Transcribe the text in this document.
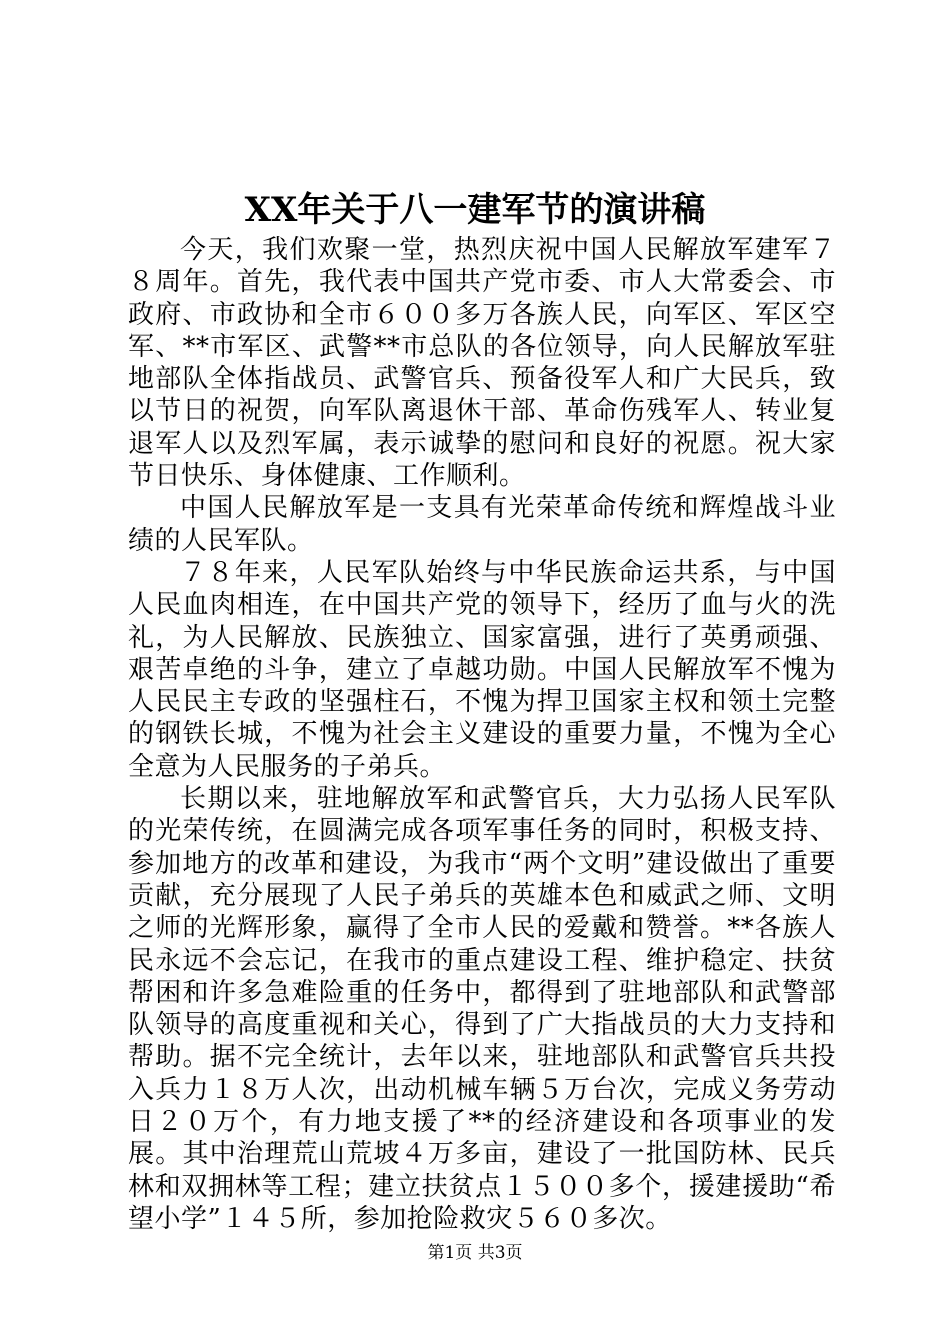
XX年关于八一建军节的演讲稿

今天，我们欢聚一堂，热烈庆祝中国人民解放军建军７８周年。首先，我代表中国共产党市委、市人大常委会、市政府、市政协和全市６００多万各族人民，向军区、军区空军、**市军区、武警**市总队的各位领导，向人民解放军驻地部队全体指战员、武警官兵、预备役军人和广大民兵，致以节日的祝贺，向军队离退休干部、革命伤残军人、转业复退军人以及烈军属，表示诚挚的慰问和良好的祝愿。祝大家节日快乐、身体健康、工作顺利。

中国人民解放军是一支具有光荣革命传统和辉煌战斗业绩的人民军队。

７８年来，人民军队始终与中华民族命运共系，与中国人民血肉相连，在中国共产党的领导下，经历了血与火的洗礼，为人民解放、民族独立、国家富强，进行了英勇顽强、艰苦卓绝的斗争，建立了卓越功勋。中国人民解放军不愧为人民民主专政的坚强柱石，不愧为捍卫国家主权和领土完整的钢铁长城，不愧为社会主义建设的重要力量，不愧为全心全意为人民服务的子弟兵。

长期以来，驻地解放军和武警官兵，大力弘扬人民军队的光荣传统，在圆满完成各项军事任务的同时，积极支持、参加地方的改革和建设，为我市“两个文明”建设做出了重要贡献，充分展现了人民子弟兵的英雄本色和威武之师、文明之师的光辉形象，赢得了全市人民的爱戴和赞誉。**各族人民永远不会忘记，在我市的重点建设工程、维护稳定、扶贫帮困和许多急难险重的任务中，都得到了驻地部队和武警部队领导的高度重视和关心，得到了广大指战员的大力支持和帮助。据不完全统计，去年以来，驻地部队和武警官兵共投入兵力１８万人次，出动机械车辆５万台次，完成义务劳动日２０万个，有力地支援了**的经济建设和各项事业的发展。其中治理荒山荒坡４万多亩，建设了一批国防林、民兵林和双拥林等工程；建立扶贫点１５００多个，援建援助“希望小学”１４５所，参加抢险救灾５６０多次。

第1页 共3页
